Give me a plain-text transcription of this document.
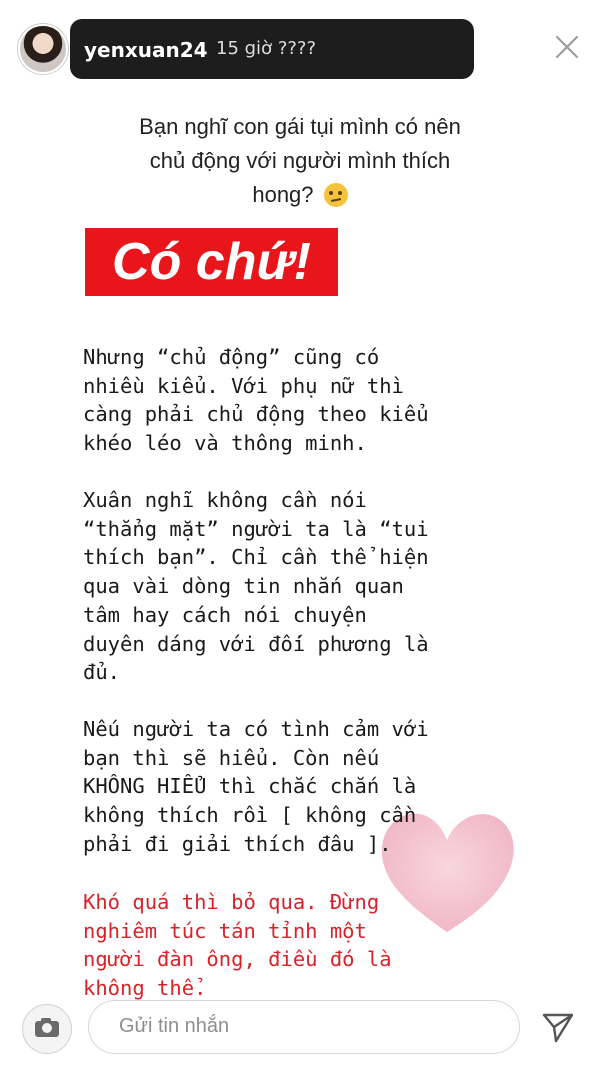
yenxuan24 15 giờ ????
Bạn nghĩ con gái tụi mình có nên
chủ động với người mình thích
hong?
Có chứ!
Nhưng “chủ động” cũng có
nhiều kiểu. Với phụ nữ thì
càng phải chủ động theo kiểu
khéo léo và thông minh.
Xuân nghĩ không cần nói
“thẳng mặt” người ta là “tui
thích bạn”. Chỉ cần thể hiện
qua vài dòng tin nhắn quan
tâm hay cách nói chuyện
duyên dáng với đối phương là
đủ.
Nếu người ta có tình cảm với
bạn thì sẽ hiểu. Còn nếu
KHÔNG HIỂU thì chắc chắn là
không thích rồi [ không cần
phải đi giải thích đâu ].
Khó quá thì bỏ qua. Đừng
nghiêm túc tán tỉnh một
người đàn ông, điều đó là
không thể.
Gửi tin nhắn
